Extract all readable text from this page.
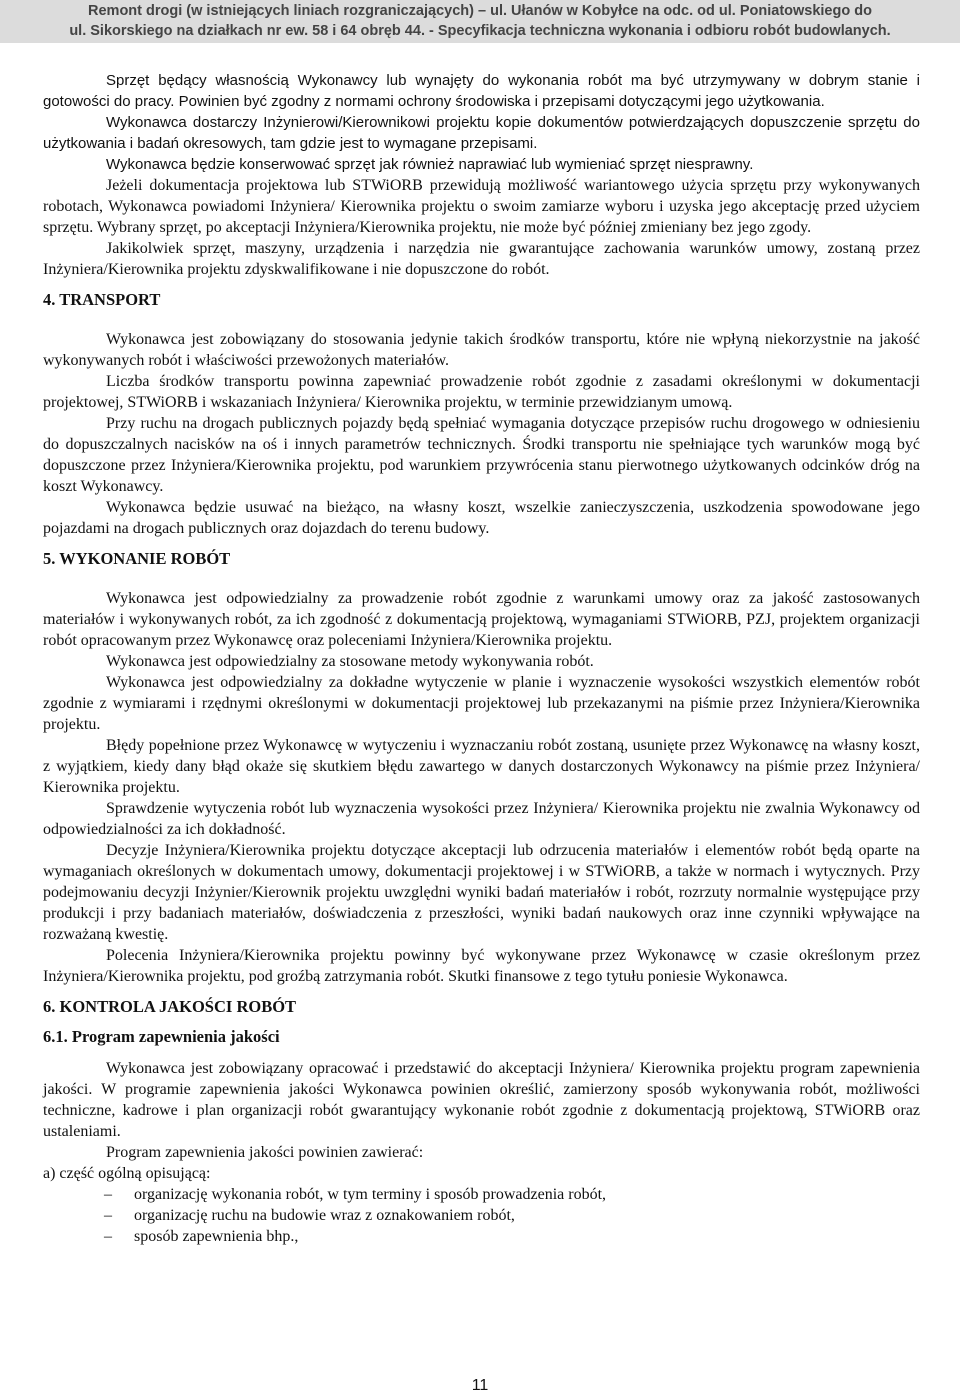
Remont drogi (w istniejących liniach rozgraniczających) – ul. Ułanów w Kobyłce na odc. od ul. Poniatowskiego do
ul. Sikorskiego na działkach nr ew. 58 i 64 obręb 44. - Specyfikacja techniczna wykonania i odbioru robót budowlanych.

Sprzęt będący własnością Wykonawcy lub wynajęty do wykonania robót ma być utrzymywany w dobrym stanie i gotowości do pracy. Powinien być zgodny z normami ochrony środowiska i przepisami dotyczącymi jego użytkowania.

Wykonawca dostarczy Inżynierowi/Kierownikowi projektu kopie dokumentów potwierdzających dopuszczenie sprzętu do użytkowania i badań okresowych, tam gdzie jest to wymagane przepisami.

Wykonawca będzie konserwować sprzęt jak również naprawiać lub wymieniać sprzęt niesprawny.

Jeżeli dokumentacja projektowa lub STWiORB przewidują możliwość wariantowego użycia sprzętu przy wykonywanych robotach, Wykonawca powiadomi Inżyniera/ Kierownika projektu o swoim zamiarze wyboru i uzyska jego akceptację przed użyciem sprzętu. Wybrany sprzęt, po akceptacji Inżyniera/Kierownika projektu, nie może być później zmieniany bez jego zgody.

Jakikolwiek sprzęt, maszyny, urządzenia i narzędzia nie gwarantujące zachowania warunków umowy, zostaną przez Inżyniera/Kierownika projektu zdyskwalifikowane i nie dopuszczone do robót.

4. TRANSPORT

Wykonawca jest zobowiązany do stosowania jedynie takich środków transportu, które nie wpłyną niekorzystnie na jakość wykonywanych robót i właściwości przewożonych materiałów.

Liczba środków transportu powinna zapewniać prowadzenie robót zgodnie z zasadami określonymi w dokumentacji projektowej, STWiORB i wskazaniach Inżyniera/ Kierownika projektu, w terminie przewidzianym umową.

Przy ruchu na drogach publicznych pojazdy będą spełniać wymagania dotyczące przepisów ruchu drogowego w odniesieniu do dopuszczalnych nacisków na oś i innych parametrów technicznych. Środki transportu nie spełniające tych warunków mogą być dopuszczone przez Inżyniera/Kierownika projektu, pod warunkiem przywrócenia stanu pierwotnego użytkowanych odcinków dróg na koszt Wykonawcy.

Wykonawca będzie usuwać na bieżąco, na własny koszt, wszelkie zanieczyszczenia, uszkodzenia spowodowane jego pojazdami na drogach publicznych oraz dojazdach do terenu budowy.

5. WYKONANIE ROBÓT

Wykonawca jest odpowiedzialny za prowadzenie robót zgodnie z warunkami umowy oraz za jakość zastosowanych materiałów i wykonywanych robót, za ich zgodność z dokumentacją projektową, wymaganiami STWiORB, PZJ, projektem organizacji robót opracowanym przez Wykonawcę oraz poleceniami Inżyniera/Kierownika projektu.

Wykonawca jest odpowiedzialny za stosowane metody wykonywania robót.

Wykonawca jest odpowiedzialny za dokładne wytyczenie w planie i wyznaczenie wysokości wszystkich elementów robót zgodnie z wymiarami i rzędnymi określonymi w dokumentacji projektowej lub przekazanymi na piśmie przez Inżyniera/Kierownika projektu.

Błędy popełnione przez Wykonawcę w wytyczeniu i wyznaczaniu robót zostaną, usunięte przez Wykonawcę na własny koszt, z wyjątkiem, kiedy dany błąd okaże się skutkiem błędu zawartego w danych dostarczonych Wykonawcy na piśmie przez Inżyniera/ Kierownika projektu.

Sprawdzenie wytyczenia robót lub wyznaczenia wysokości przez Inżyniera/ Kierownika projektu nie zwalnia Wykonawcy od odpowiedzialności za ich dokładność.

Decyzje Inżyniera/Kierownika projektu dotyczące akceptacji lub odrzucenia materiałów i elementów robót będą oparte na wymaganiach określonych w dokumentach umowy, dokumentacji projektowej i w STWiORB, a także w normach i wytycznych. Przy podejmowaniu decyzji Inżynier/Kierownik projektu uwzględni wyniki badań materiałów i robót, rozrzuty normalnie występujące przy produkcji i przy badaniach materiałów, doświadczenia z przeszłości, wyniki badań naukowych oraz inne czynniki wpływające na rozważaną kwestię.

Polecenia Inżyniera/Kierownika projektu powinny być wykonywane przez Wykonawcę w czasie określonym przez Inżyniera/Kierownika projektu, pod groźbą zatrzymania robót. Skutki finansowe z tego tytułu poniesie Wykonawca.

6. KONTROLA JAKOŚCI ROBÓT
6.1. Program zapewnienia jakości

Wykonawca jest zobowiązany opracować i przedstawić do akceptacji Inżyniera/ Kierownika projektu program zapewnienia jakości. W programie zapewnienia jakości Wykonawca powinien określić, zamierzony sposób wykonywania robót, możliwości techniczne, kadrowe i plan organizacji robót gwarantujący wykonanie robót zgodnie z dokumentacją projektową, STWiORB oraz ustaleniami.

Program zapewnienia jakości powinien zawierać:

a) część ogólną opisującą:

– organizację wykonania robót, w tym terminy i sposób prowadzenia robót,
– organizację ruchu na budowie wraz z oznakowaniem robót,
– sposób zapewnienia bhp.,
11
